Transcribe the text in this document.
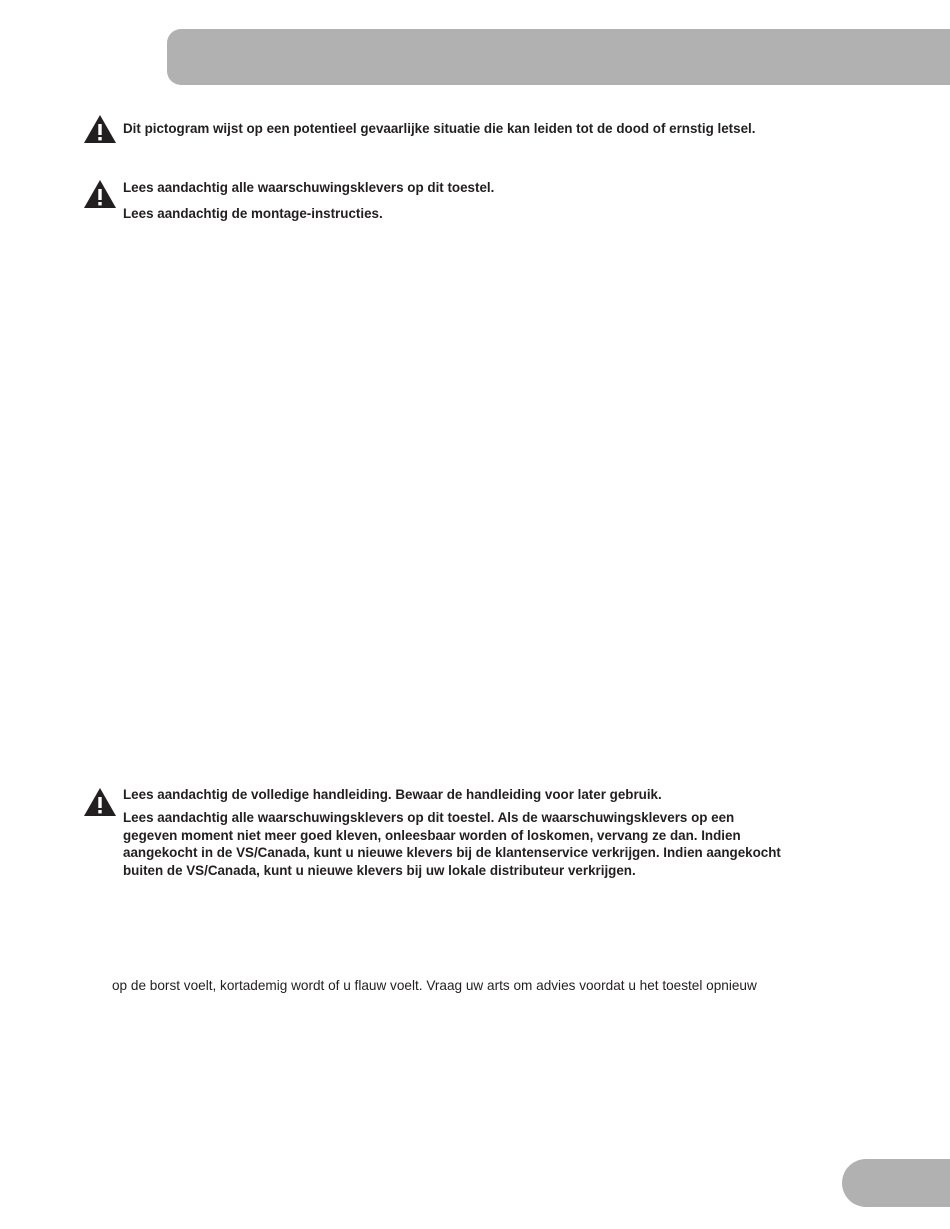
Dit pictogram wijst op een potentieel gevaarlijke situatie die kan leiden tot de dood of ernstig letsel.
Lees aandachtig alle waarschuwingsklevers op dit toestel.
Lees aandachtig de montage-instructies.
Lees aandachtig de volledige handleiding. Bewaar de handleiding voor later gebruik.
Lees aandachtig alle waarschuwingsklevers op dit toestel. Als de waarschuwingsklevers op een
gegeven moment niet meer goed kleven, onleesbaar worden of loskomen, vervang ze dan. Indien
aangekocht in de VS/Canada, kunt u nieuwe klevers bij de klantenservice verkrijgen. Indien aangekocht
buiten de VS/Canada, kunt u nieuwe klevers bij uw lokale distributeur verkrijgen.
op de borst voelt, kortademig wordt of u flauw voelt. Vraag uw arts om advies voordat u het toestel opnieuw
